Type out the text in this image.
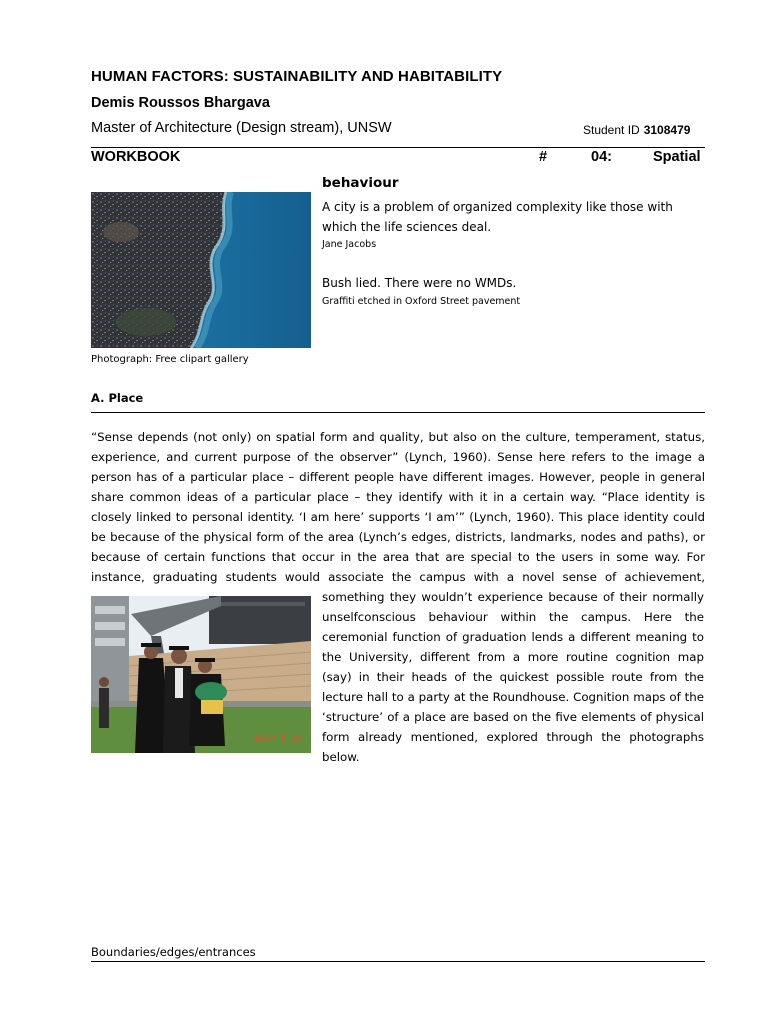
HUMAN FACTORS: SUSTAINABILITY AND HABITABILITY
Demis Roussos Bhargava
Master of Architecture (Design stream), UNSW	Student ID 3108479
WORKBOOK	#	04:	Spatial
behaviour
Photograph: Free clipart gallery
A city is a problem of organized complexity like those with which the life sciences deal.
Jane Jacobs
Bush lied. There were no WMDs.
Graffiti etched in Oxford Street pavement
A. Place
“Sense depends (not only) on spatial form and quality, but also on the culture, temperament, status,
experience, and current purpose of the observer” (Lynch, 1960). Sense here refers to the image a
person has of a particular place – different people have different images. However, people in general
share common ideas of a particular place – they identify with it in a certain way. “Place identity is
closely linked to personal identity. ‘I am here’ supports ‘I am’” (Lynch, 1960). This place identity could
be because of the physical form of the area (Lynch’s edges, districts, landmarks, nodes and paths), or
because of certain functions that occur in the area that are special to the users in some way. For
instance, graduating students would associate the campus with a novel sense of achievement,
2004 5 10
something they wouldn’t experience because of their normally
unselfconscious behaviour within the campus. Here the
ceremonial function of graduation lends a different meaning to
the University, different from a more routine cognition map
(say) in their heads of the quickest possible route from the
lecture hall to a party at the Roundhouse. Cognition maps of the
‘structure’ of a place are based on the five elements of physical
form already mentioned, explored through the photographs
below.
Boundaries/edges/entrances
